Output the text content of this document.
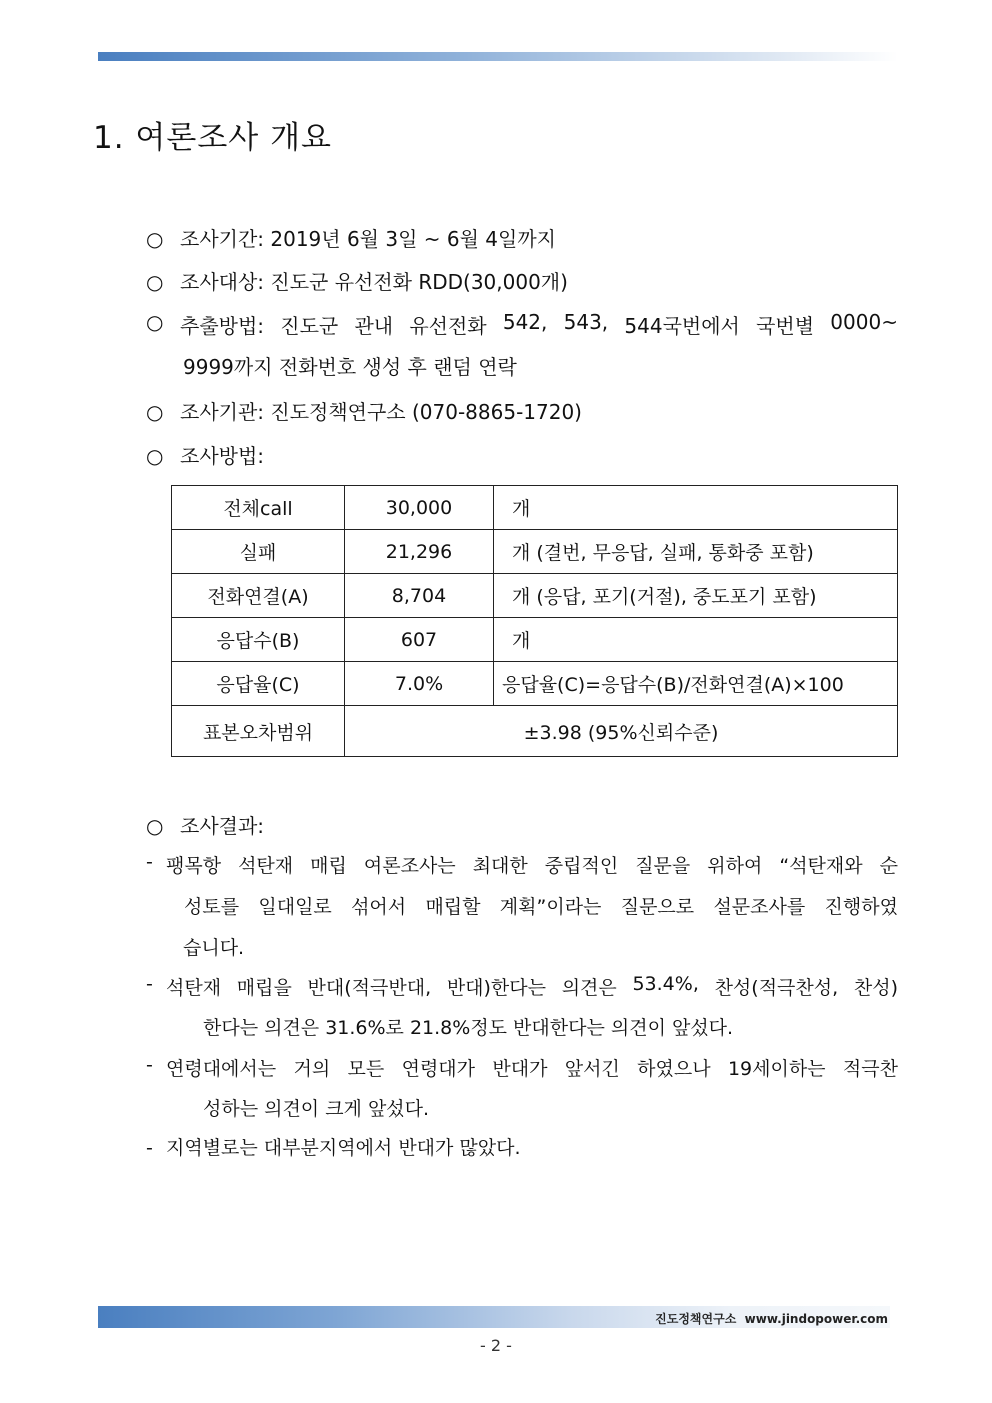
1. 여론조사 개요
○ 조사기간: 2019년 6월 3일 ~ 6월 4일까지
○ 조사대상: 진도군 유선전화 RDD(30,000개)
○ 추출방법: 진도군 관내 유선전화 542, 543, 544국번에서 국번별 0000~
9999까지 전화번호 생성 후 랜덤 연락
○ 조사기관: 진도정책연구소 (070-8865-1720)
○ 조사방법:
전체call	30,000	개
실패	21,296	개 (결번, 무응답, 실패, 통화중 포함)
전화연결(A)	8,704	개 (응답, 포기(거절), 중도포기 포함)
응답수(B)	607	개
응답율(C)	7.0%	응답율(C)=응답수(B)/전화연결(A)×100
표본오차범위	±3.98 (95%신뢰수준)	
○ 조사결과:
- 팽목항 석탄재 매립 여론조사는 최대한 중립적인 질문을 위하여 “석탄재와 순
성토를 일대일로 섞어서 매립할 계획”이라는 질문으로 설문조사를 진행하였
습니다.
- 석탄재 매립을 반대(적극반대, 반대)한다는 의견은 53.4%, 찬성(적극찬성, 찬성)
한다는 의견은 31.6%로 21.8%정도 반대한다는 의견이 앞섰다.
- 연령대에서는 거의 모든 연령대가 반대가 앞서긴 하였으나 19세이하는 적극찬
성하는 의견이 크게 앞섰다.
- 지역별로는 대부분지역에서 반대가 많았다.
진도정책연구소 www.jindopower.com
- 2 -
